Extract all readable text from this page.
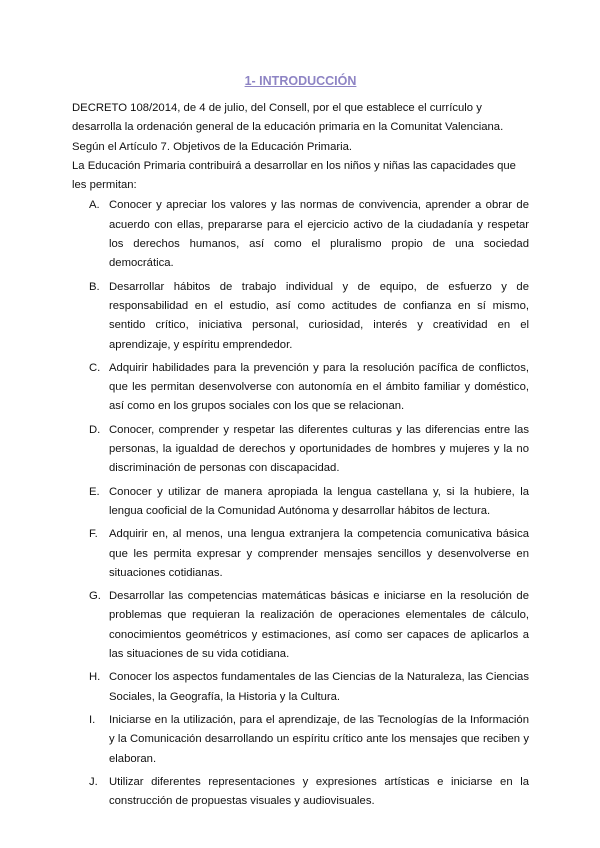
1- INTRODUCCIÓN

DECRETO 108/2014, de 4 de julio, del Consell, por el que establece el currículo y desarrolla la ordenación general de la educación primaria en la Comunitat Valenciana.

Según el Artículo 7. Objetivos de la Educación Primaria.

La Educación Primaria contribuirá a desarrollar en los niños y niñas las capacidades que les permitan:

A. Conocer y apreciar los valores y las normas de convivencia, aprender a obrar de acuerdo con ellas, prepararse para el ejercicio activo de la ciudadanía y respetar los derechos humanos, así como el pluralismo propio de una sociedad democrática.
B. Desarrollar hábitos de trabajo individual y de equipo, de esfuerzo y de responsabilidad en el estudio, así como actitudes de confianza en sí mismo, sentido crítico, iniciativa personal, curiosidad, interés y creatividad en el aprendizaje, y espíritu emprendedor.
C. Adquirir habilidades para la prevención y para la resolución pacífica de conflictos, que les permitan desenvolverse con autonomía en el ámbito familiar y doméstico, así como en los grupos sociales con los que se relacionan.
D. Conocer, comprender y respetar las diferentes culturas y las diferencias entre las personas, la igualdad de derechos y oportunidades de hombres y mujeres y la no discriminación de personas con discapacidad.
E. Conocer y utilizar de manera apropiada la lengua castellana y, si la hubiere, la lengua cooficial de la Comunidad Autónoma y desarrollar hábitos de lectura.
F. Adquirir en, al menos, una lengua extranjera la competencia comunicativa básica que les permita expresar y comprender mensajes sencillos y desenvolverse en situaciones cotidianas.
G. Desarrollar las competencias matemáticas básicas e iniciarse en la resolución de problemas que requieran la realización de operaciones elementales de cálculo, conocimientos geométricos y estimaciones, así como ser capaces de aplicarlos a las situaciones de su vida cotidiana.
H. Conocer los aspectos fundamentales de las Ciencias de la Naturaleza, las Ciencias Sociales, la Geografía, la Historia y la Cultura.
I.	Iniciarse en la utilización, para el aprendizaje, de las Tecnologías de la Información y la Comunicación desarrollando un espíritu crítico ante los mensajes que reciben y elaboran.
J. Utilizar diferentes representaciones y expresiones artísticas e iniciarse en la construcción de propuestas visuales y audiovisuales.
